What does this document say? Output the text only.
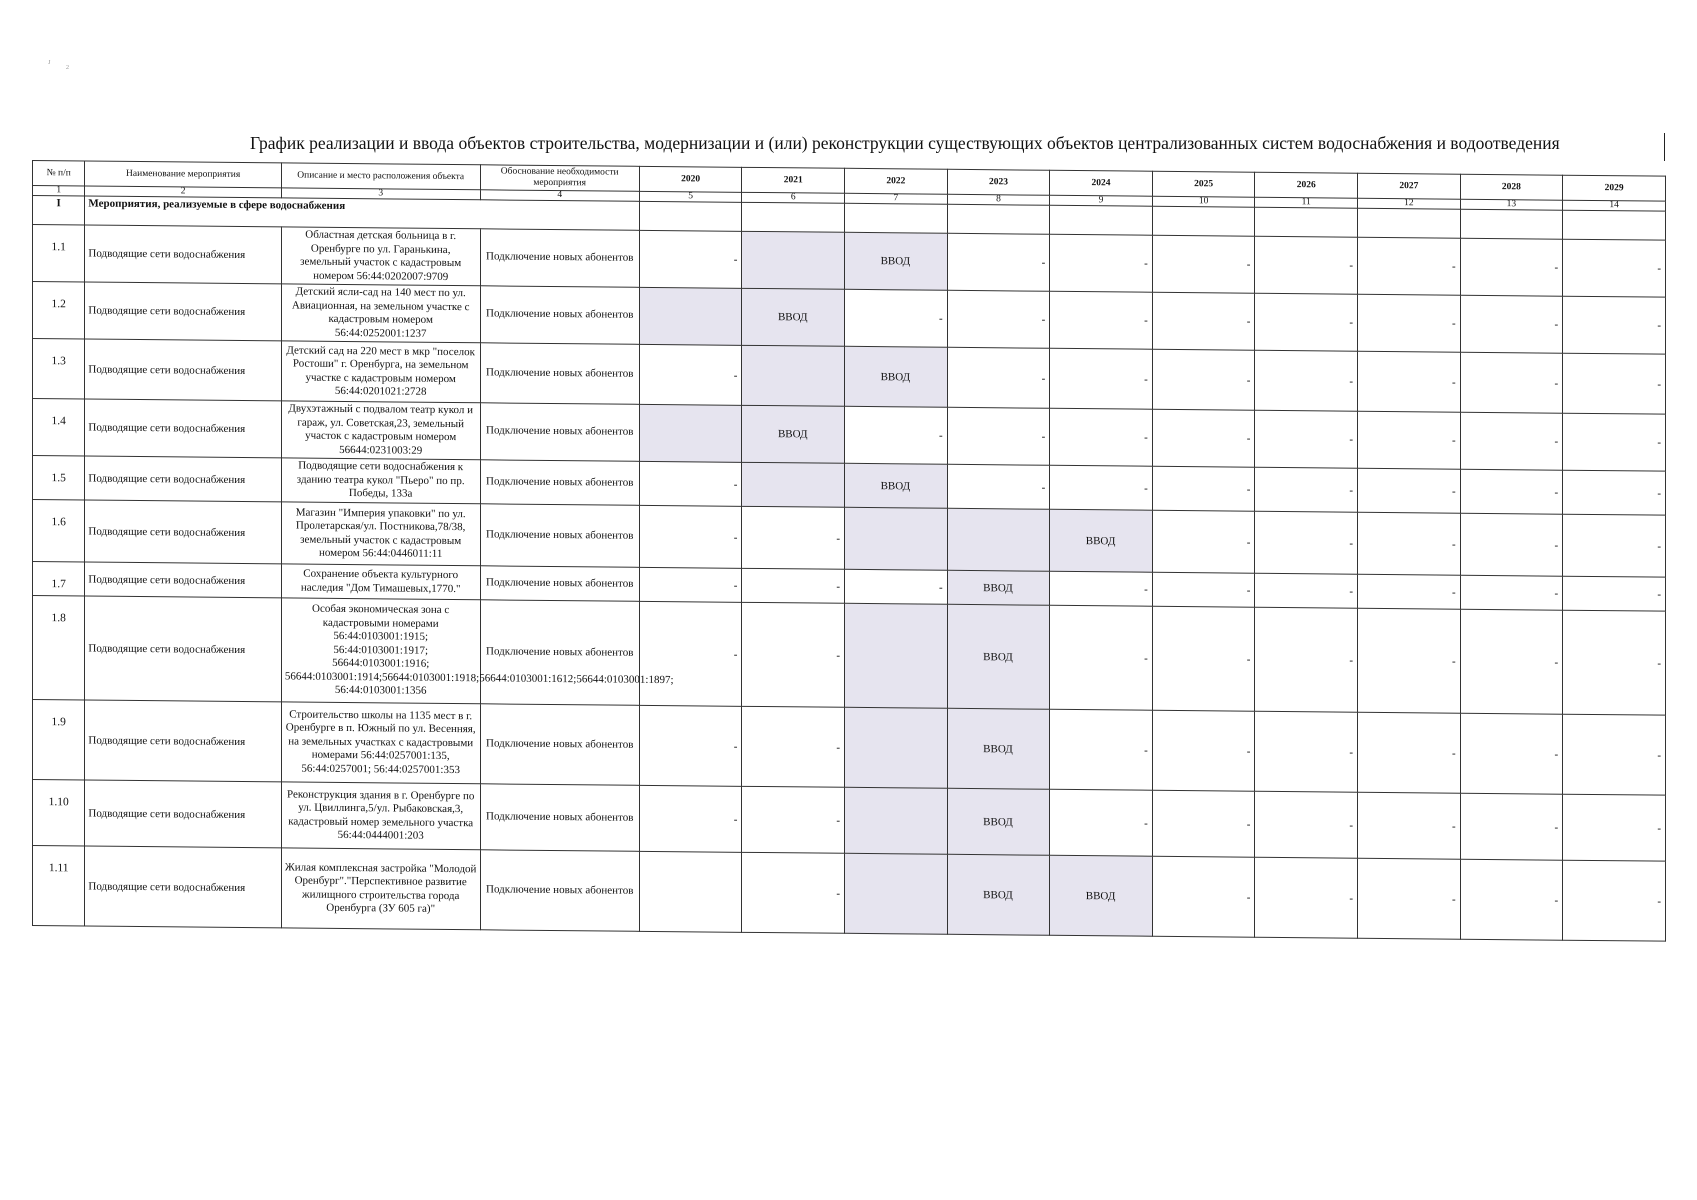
ᴶ ₂
График реализации и ввода объектов строительства, модернизации и (или) реконструкции существующих объектов централизованных систем водоснабжения и водоотведения
№ п/п	Наименование мероприятия	Описание и место расположения объекта	Обоснование необходимости мероприятия	2020	2021	2022	2023	2024	2025	2026	2027	2028	2029
1	2	3	4	5	6	7	8	9	10	11	12	13	14
I	Мероприятия, реализуемые в сфере водоснабжения												
1.1	Подводящие сети водоснабжения	Областная детская больница в г. Оренбурге по ул. Гаранькина, земельный участок с кадастровым номером 56:44:0202007:9709	Подключение новых абонентов	-		ВВОД	-	-	-	-	-	-	-
1.2	Подводящие сети водоснабжения	Детский ясли-сад на 140 мест по ул. Авиационная, на земельном участке с кадастровым номером 56:44:0252001:1237	Подключение новых абонентов		ВВОД	-	-	-	-	-	-	-	-
1.3	Подводящие сети водоснабжения	Детский сад на 220 мест в мкр "поселок Ростоши" г. Оренбурга, на земельном участке с кадастровым номером 56:44:0201021:2728	Подключение новых абонентов	-		ВВОД	-	-	-	-	-	-	-
1.4	Подводящие сети водоснабжения	Двухэтажный с подвалом театр кукол и гараж, ул. Советская,23, земельный участок с кадастровым номером 56644:0231003:29	Подключение новых абонентов		ВВОД	-	-	-	-	-	-	-	-
1.5	Подводящие сети водоснабжения	Подводящие сети водоснабжения к зданию театра кукол "Пьеро" по пр. Победы, 133а	Подключение новых абонентов	-		ВВОД	-	-	-	-	-	-	-
1.6	Подводящие сети водоснабжения	Магазин "Империя упаковки" по ул. Пролетарская/ул. Постникова,78/38, земельный участок с кадастровым номером 56:44:0446011:11	Подключение новых абонентов	-	-			ВВОД	-	-	-	-	-
1.7	Подводящие сети водоснабжения	Сохранение объекта культурного наследия "Дом Тимашевых,1770."	Подключение новых абонентов	-	-	-	ВВОД	-	-	-	-	-	-
1.8	Подводящие сети водоснабжения	Особая экономическая зона с кадастровыми номерами 56:44:0103001:1915; 56:44:0103001:1917; 56644:0103001:1916; 56644:0103001:1914;56644:0103001:1918;56644:0103001:1612;56644:0103001:1897; 56:44:0103001:1356	Подключение новых абонентов	-	-		ВВОД	-	-	-	-	-	-
1.9	Подводящие сети водоснабжения	Строительство школы на 1135 мест в г. Оренбурге в п. Южный по ул. Весенняя, на земельных участках с кадастровыми номерами 56:44:0257001:135, 56:44:0257001; 56:44:0257001:353	Подключение новых абонентов	-	-		ВВОД	-	-	-	-	-	-
1.10	Подводящие сети водоснабжения	Реконструкция здания в г. Оренбурге по ул. Цвиллинга,5/ул. Рыбаковская,3, кадастровый номер земельного участка 56:44:0444001:203	Подключение новых абонентов	-	-		ВВОД	-	-	-	-	-	-
1.11	Подводящие сети водоснабжения	Жилая комплексная застройка "Молодой Оренбург"."Перспективное развитие жилищного строительства города Оренбурга (ЗУ 605 га)"	Подключение новых абонентов		-		ВВОД	ВВОД	-	-	-	-	-
